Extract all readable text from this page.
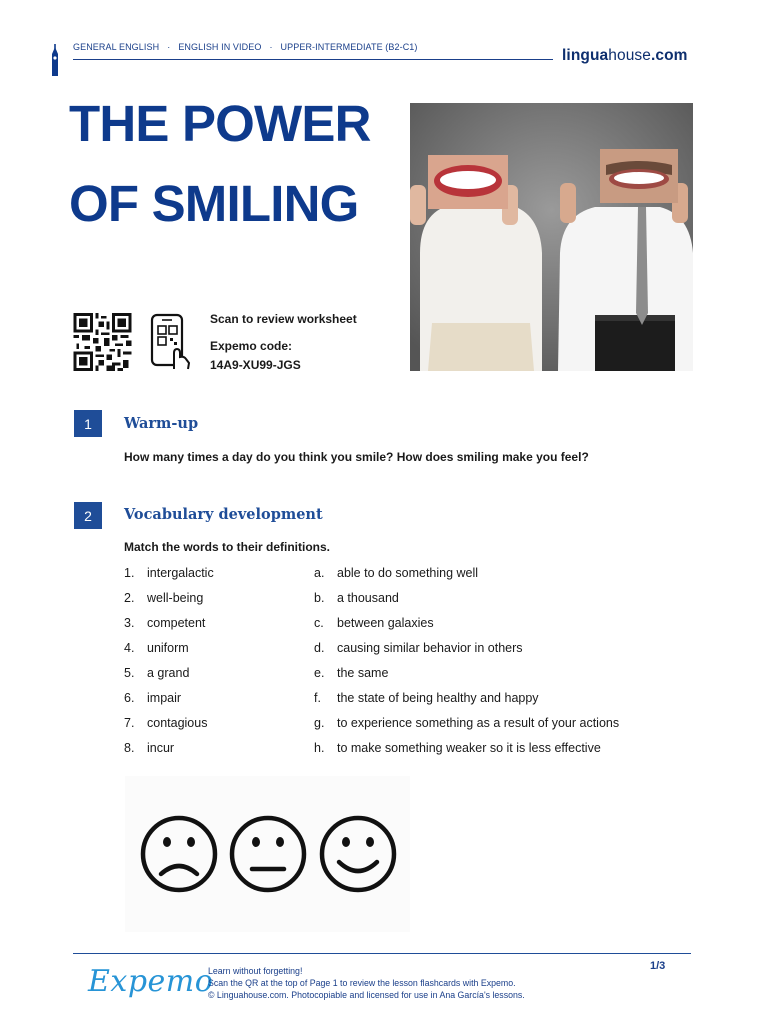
GENERAL ENGLISH · ENGLISH IN VIDEO · UPPER-INTERMEDIATE (B2-C1)	linguahouse.com
THE POWER
OF SMILING
Scan to review worksheet
Expemo code:
14A9-XU99-JGS
1	Warm-up
How many times a day do you think you smile? How does smiling make you feel?
2	Vocabulary development
Match the words to their definitions.
1. intergalactic	a. able to do something well
2. well-being	b. a thousand
3. competent	c. between galaxies
4. uniform	d. causing similar behavior in others
5. a grand	e. the same
6. impair	f. the state of being healthy and happy
7. contagious	g. to experience something as a result of your actions
8. incur	h. to make something weaker so it is less effective
Expemo
Learn without forgetting!
Scan the QR at the top of Page 1 to review the lesson flashcards with Expemo.
© Linguahouse.com. Photocopiable and licensed for use in Ana García's lessons.
1/3
